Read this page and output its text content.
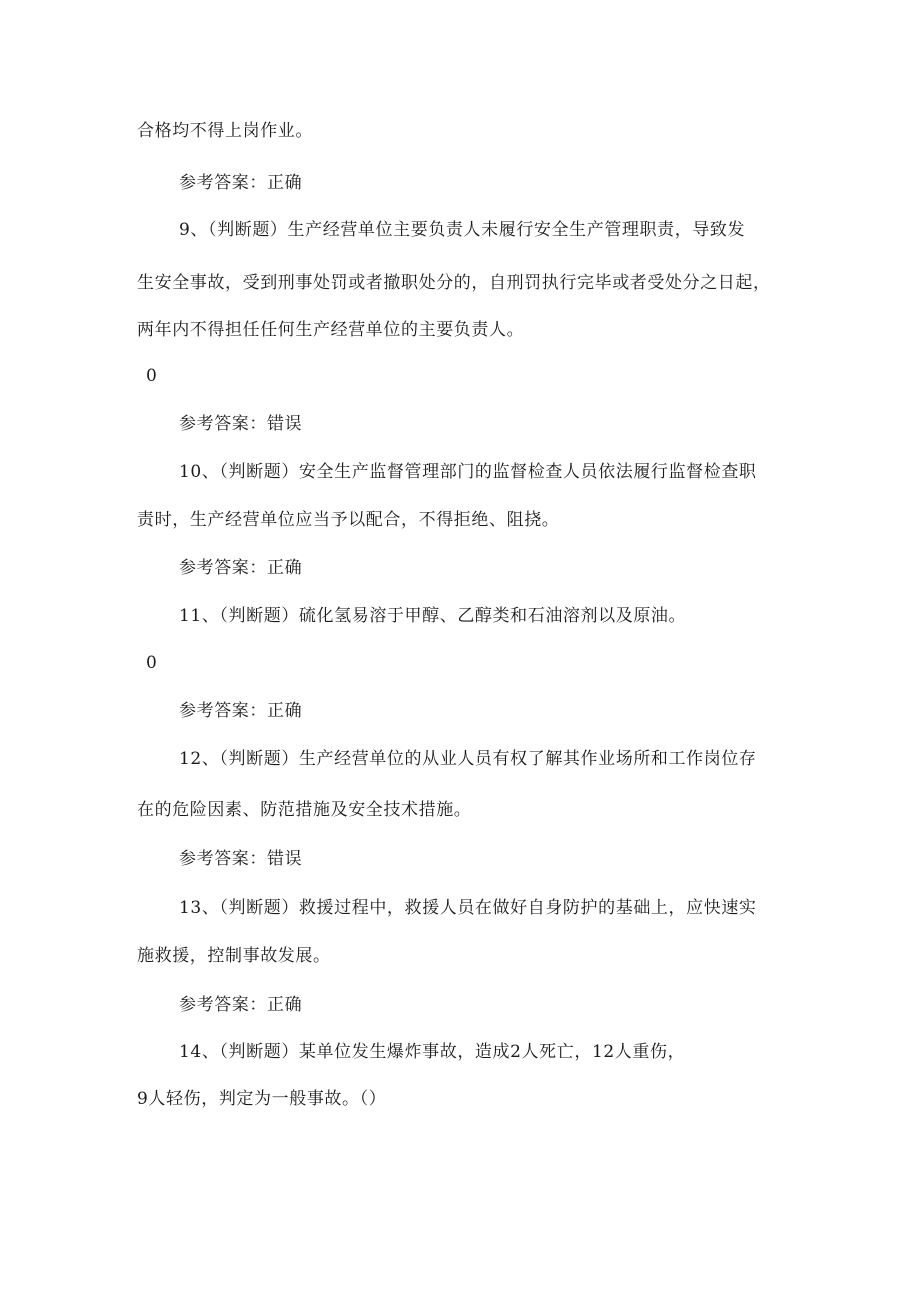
合格均不得上岗作业。
参考答案：正确
9、（判断题）生产经营单位主要负责人未履行安全生产管理职责，导致发
生安全事故，受到刑事处罚或者撤职处分的，自刑罚执行完毕或者受处分之日起，
两年内不得担任任何生产经营单位的主要负责人。
0
参考答案：错误
10、（判断题）安全生产监督管理部门的监督检查人员依法履行监督检查职
责时，生产经营单位应当予以配合，不得拒绝、阻挠。
参考答案：正确
11、（判断题）硫化氢易溶于甲醇、乙醇类和石油溶剂以及原油。
0
参考答案：正确
12、（判断题）生产经营单位的从业人员有权了解其作业场所和工作岗位存
在的危险因素、防范措施及安全技术措施。
参考答案：错误
13、（判断题）救援过程中，救援人员在做好自身防护的基础上，应快速实
施救援，控制事故发展。
参考答案：正确
14、（判断题）某单位发生爆炸事故，造成2人死亡，12人重伤，
9人轻伤，判定为一般事故。（）
